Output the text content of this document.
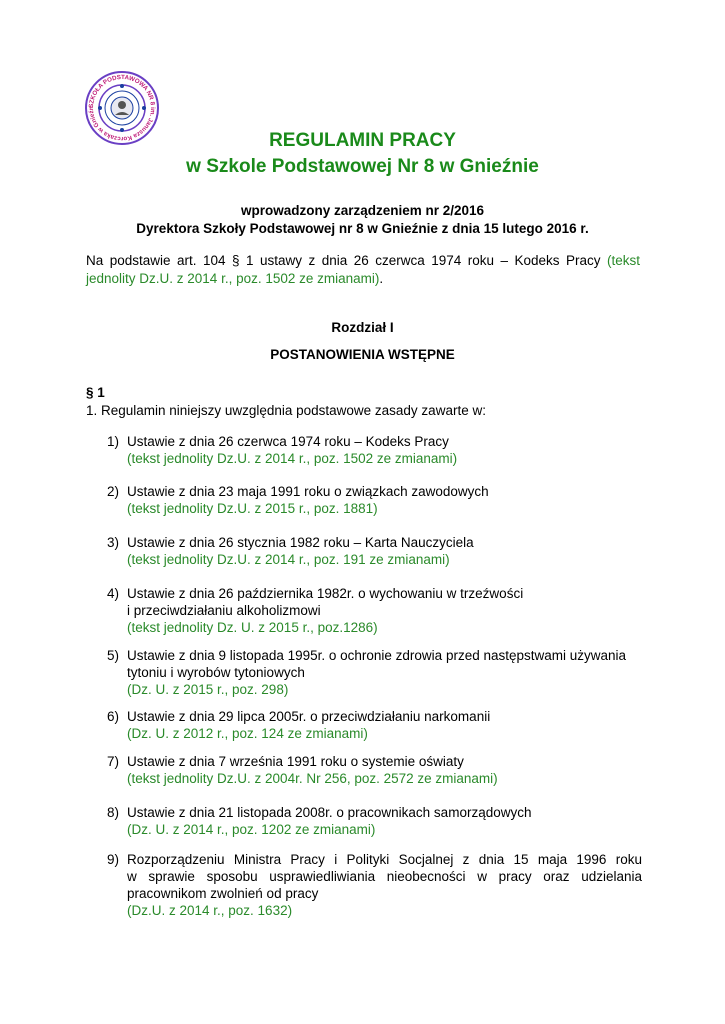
SZKOŁA PODSTAWOWA NR 8 im. Janusza Korczaka w Gnieźn

REGULAMIN PRACY

w Szkole Podstawowej Nr 8 w Gnieźnie

wprowadzony zarządzeniem nr 2/2016
Dyrektora Szkoły Podstawowej nr 8 w Gnieźnie z dnia 15 lutego 2016 r.
Na podstawie art. 104 § 1 ustawy z dnia 26 czerwca 1974 roku – Kodeks Pracy (tekst jednolity Dz.U. z 2014 r., poz. 1502 ze zmianami).
Rozdział I
POSTANOWIENIA WSTĘPNE
§ 1
1. Regulamin niniejszy uwzględnia podstawowe zasady zawarte w:
1) Ustawie z dnia 26 czerwca 1974 roku – Kodeks Pracy
(tekst jednolity Dz.U. z 2014 r., poz. 1502 ze zmianami)
2) Ustawie z dnia 23 maja 1991 roku o związkach zawodowych
(tekst jednolity Dz.U. z 2015 r., poz. 1881)
3) Ustawie z dnia 26 stycznia 1982 roku – Karta Nauczyciela
(tekst jednolity Dz.U. z 2014 r., poz. 191 ze zmianami)
4) Ustawie z dnia 26 października 1982r. o wychowaniu w trzeźwości
i przeciwdziałaniu alkoholizmowi
(tekst jednolity Dz. U. z 2015 r., poz.1286)
5) Ustawie z dnia 9 listopada 1995r. o ochronie zdrowia przed następstwami używania
tytoniu i wyrobów tytoniowych
(Dz. U. z 2015 r., poz. 298)
6) Ustawie z dnia 29 lipca 2005r. o przeciwdziałaniu narkomanii
(Dz. U. z 2012 r., poz. 124 ze zmianami)
7) Ustawie z dnia 7 września 1991 roku o systemie oświaty
(tekst jednolity Dz.U. z 2004r. Nr 256, poz. 2572 ze zmianami)
8) Ustawie z dnia 21 listopada 2008r. o pracownikach samorządowych
(Dz. U. z 2014 r., poz. 1202 ze zmianami)
9) Rozporządzeniu Ministra Pracy i Polityki Socjalnej z dnia 15 maja 1996 roku
w sprawie sposobu usprawiedliwiania nieobecności w pracy oraz udzielania
pracownikom zwolnień od pracy
(Dz.U. z 2014 r., poz. 1632)
